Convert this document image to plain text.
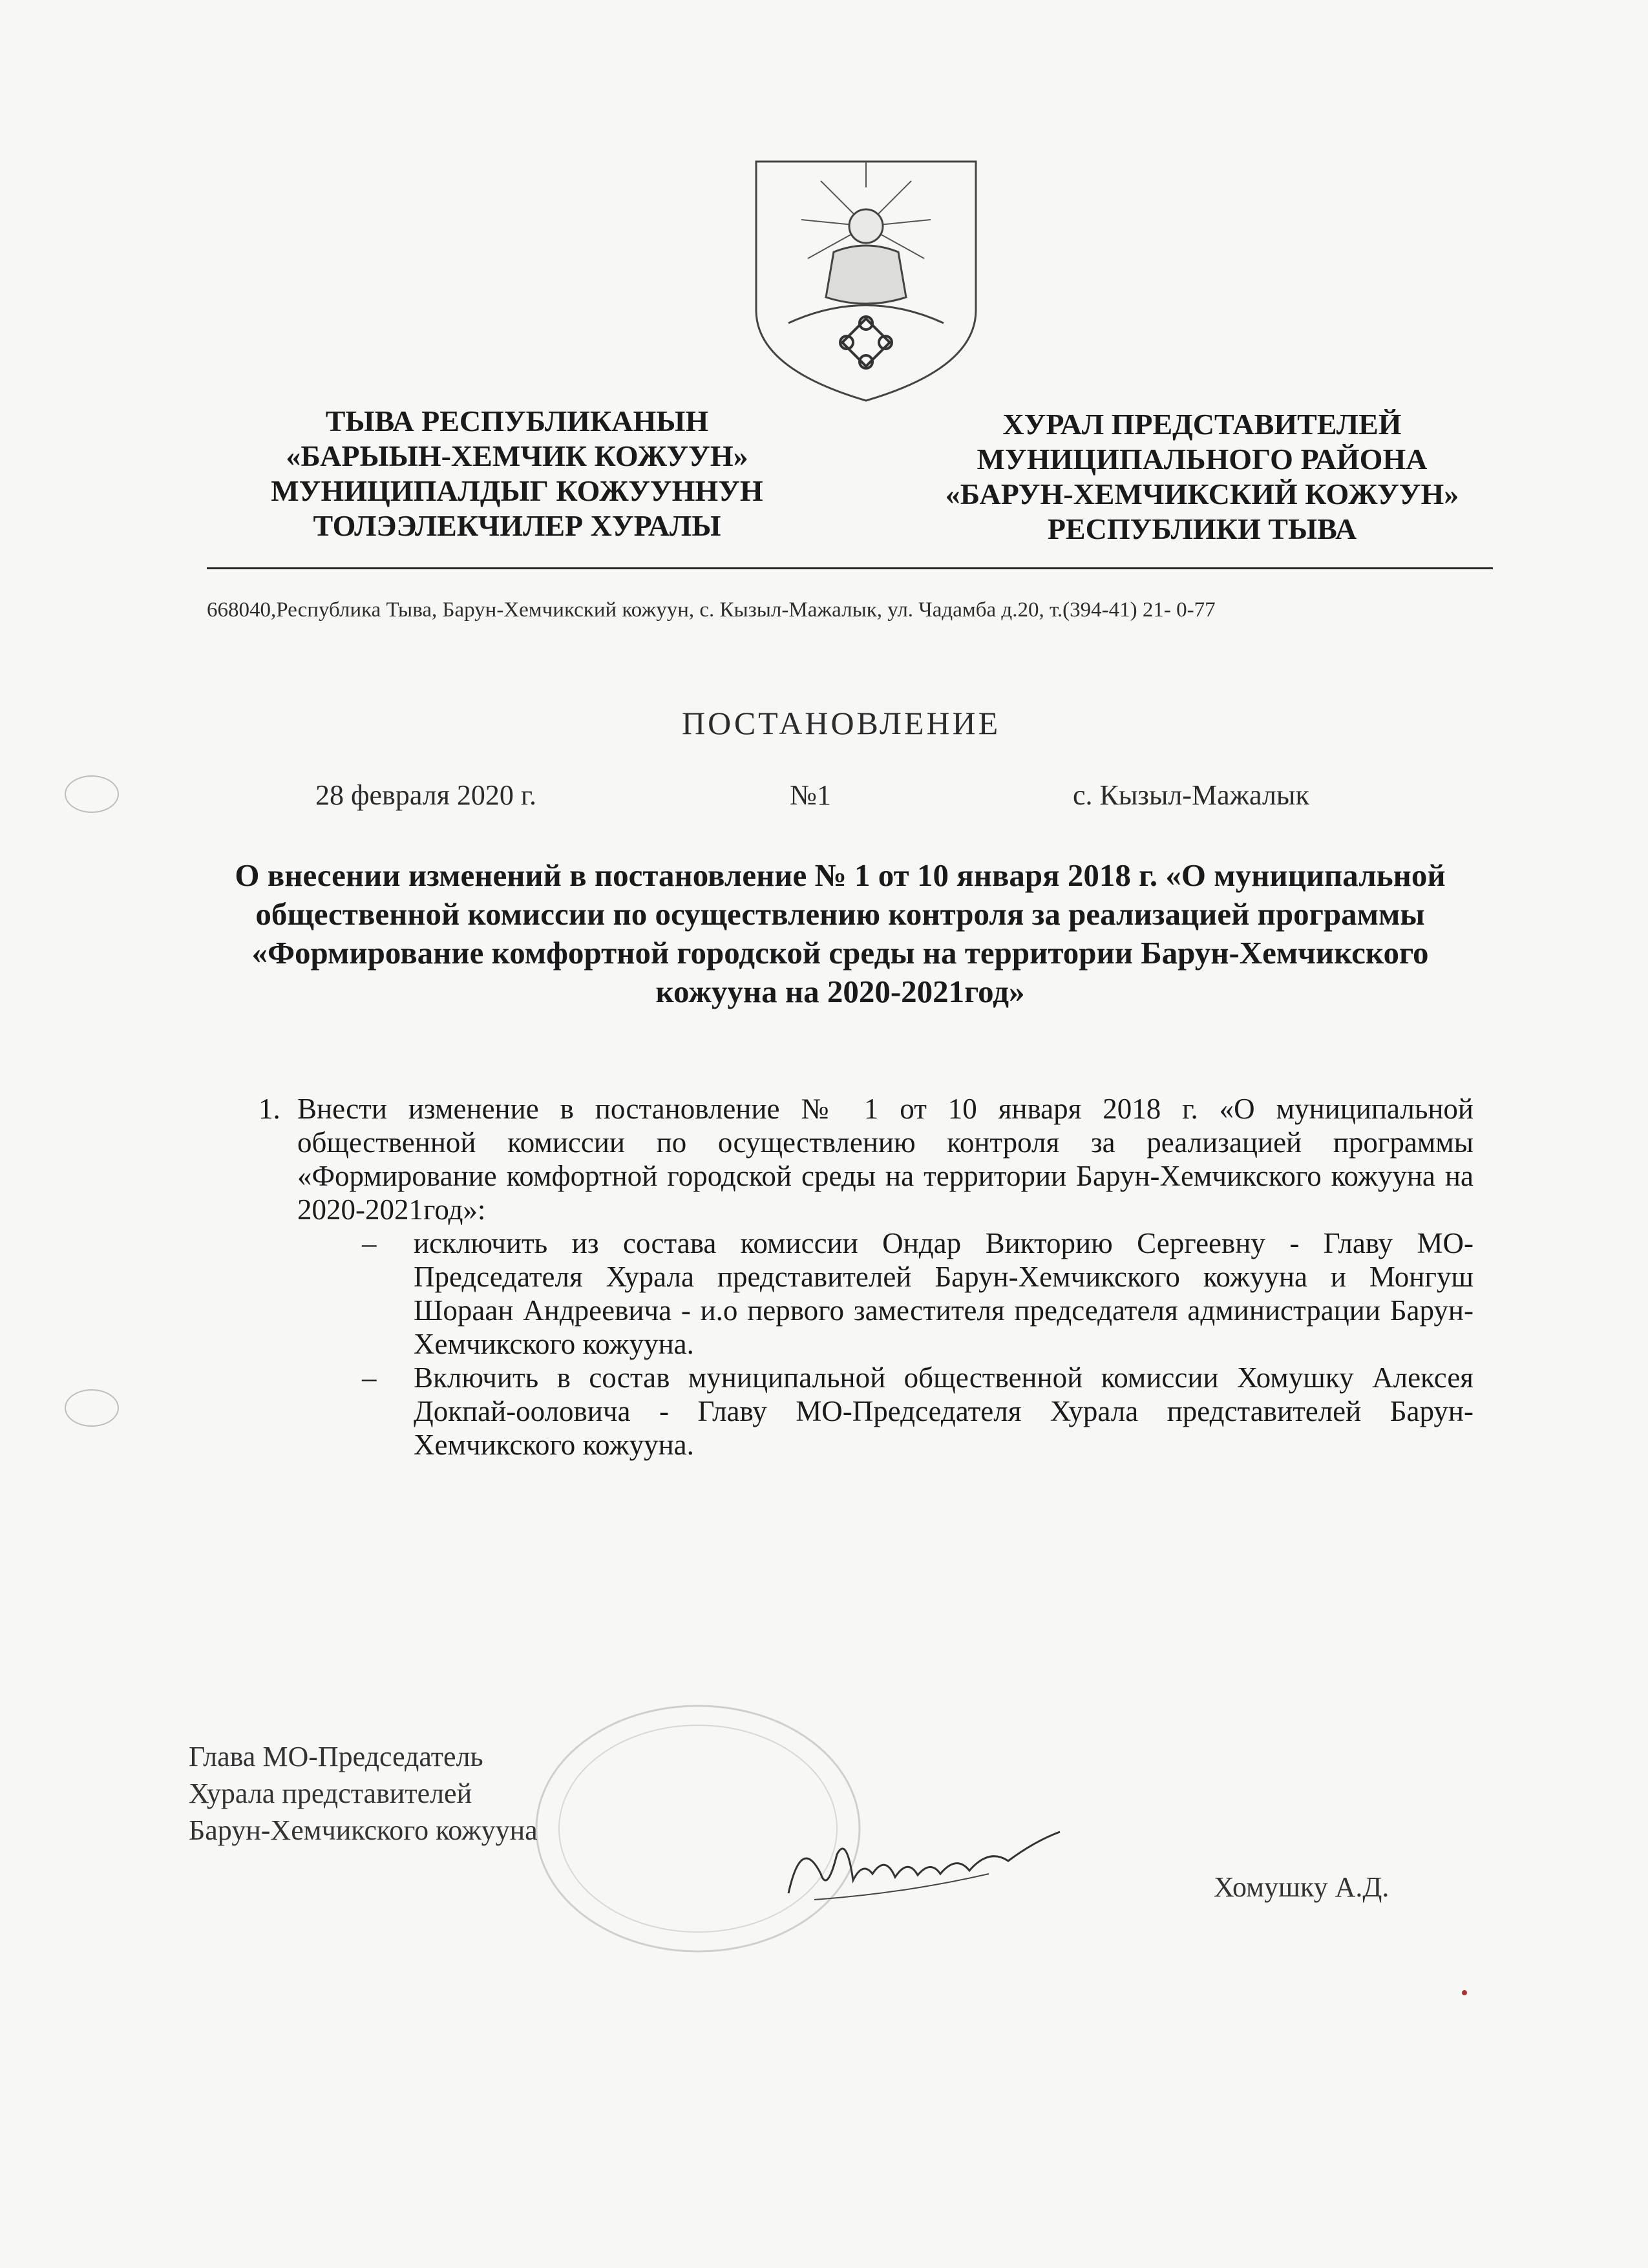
ТЫВА РЕСПУБЛИКАНЫН
«БАРЫЫН-ХЕМЧИК КОЖУУН»
МУНИЦИПАЛДЫГ КОЖУУННУН
ТОЛЭЭЛЕКЧИЛЕР ХУРАЛЫ
ХУРАЛ ПРЕДСТАВИТЕЛЕЙ
МУНИЦИПАЛЬНОГО РАЙОНА
«БАРУН-ХЕМЧИКСКИЙ КОЖУУН»
РЕСПУБЛИКИ ТЫВА
668040,Республика Тыва, Барун-Хемчикский кожуун, с. Кызыл-Мажалык, ул. Чадамба д.20, т.(394-41) 21- 0-77
ПОСТАНОВЛЕНИЕ
28 февраля 2020 г.	№1	с. Кызыл-Мажалык
О внесении изменений в постановление № 1 от 10 января 2018 г. «О муниципальной общественной комиссии по осуществлению контроля за реализацией программы «Формирование комфортной городской среды на территории Барун-Хемчикского кожууна на 2020-2021год»
1. Внести изменение в постановление № 1 от 10 января 2018 г. «О муниципальной общественной комиссии по осуществлению контроля за реализацией программы «Формирование комфортной городской среды на территории Барун-Хемчикского кожууна на 2020-2021год»:
–	исключить из состава комиссии Ондар Викторию Сергеевну - Главу МО-Председателя Хурала представителей Барун-Хемчикского кожууна и Монгуш Шораан Андреевича - и.о первого заместителя председателя администрации Барун-Хемчикского кожууна.
–	Включить в состав муниципальной общественной комиссии Хомушку Алексея Докпай-ооловича - Главу МО-Председателя Хурала представителей Барун-Хемчикского кожууна.
Глава МО-Председатель
Хурала представителей
Барун-Хемчикского кожууна
Хомушку А.Д.
